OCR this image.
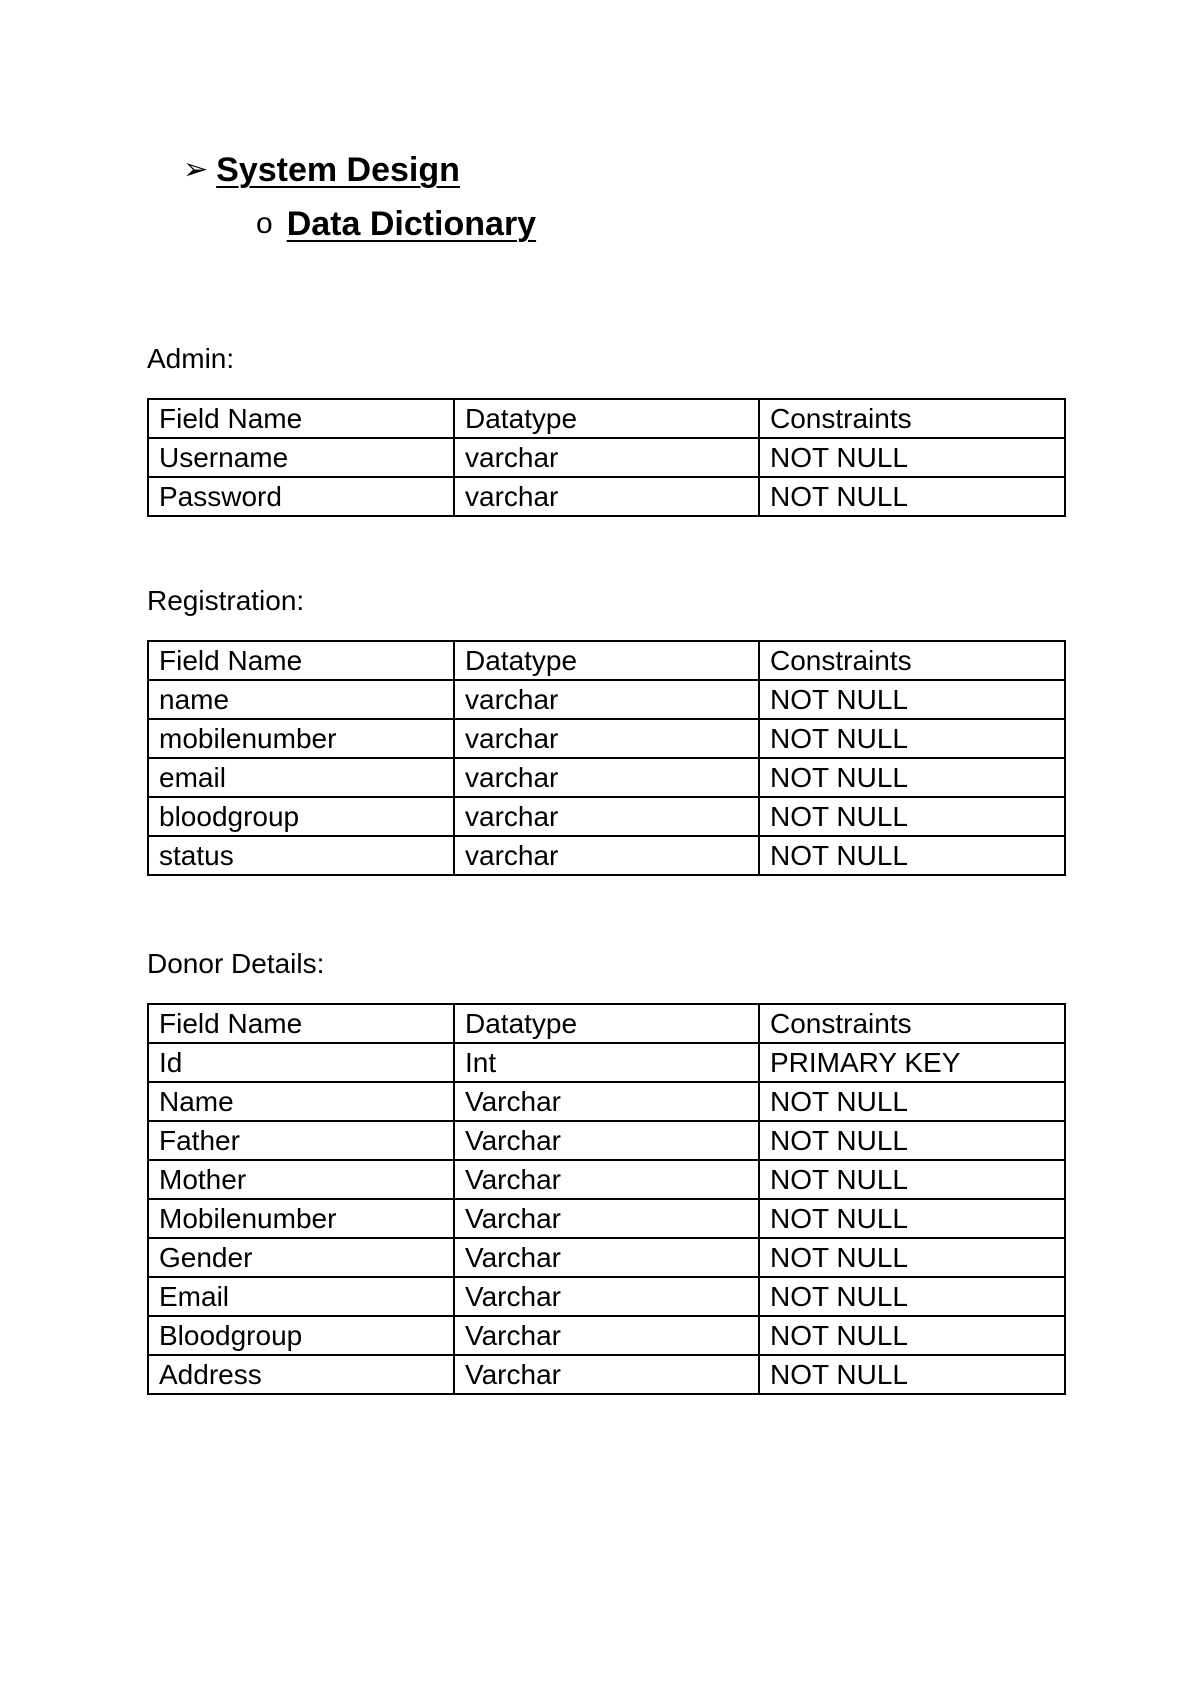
➢ System Design
o Data Dictionary
Admin:
Field Name	Datatype	Constraints
Username	varchar	NOT NULL
Password	varchar	NOT NULL
Registration:
Field Name	Datatype	Constraints
name	varchar	NOT NULL
mobilenumber	varchar	NOT NULL
email	varchar	NOT NULL
bloodgroup	varchar	NOT NULL
status	varchar	NOT NULL
Donor Details:
Field Name	Datatype	Constraints
Id	Int	PRIMARY KEY
Name	Varchar	NOT NULL
Father	Varchar	NOT NULL
Mother	Varchar	NOT NULL
Mobilenumber	Varchar	NOT NULL
Gender	Varchar	NOT NULL
Email	Varchar	NOT NULL
Bloodgroup	Varchar	NOT NULL
Address	Varchar	NOT NULL
